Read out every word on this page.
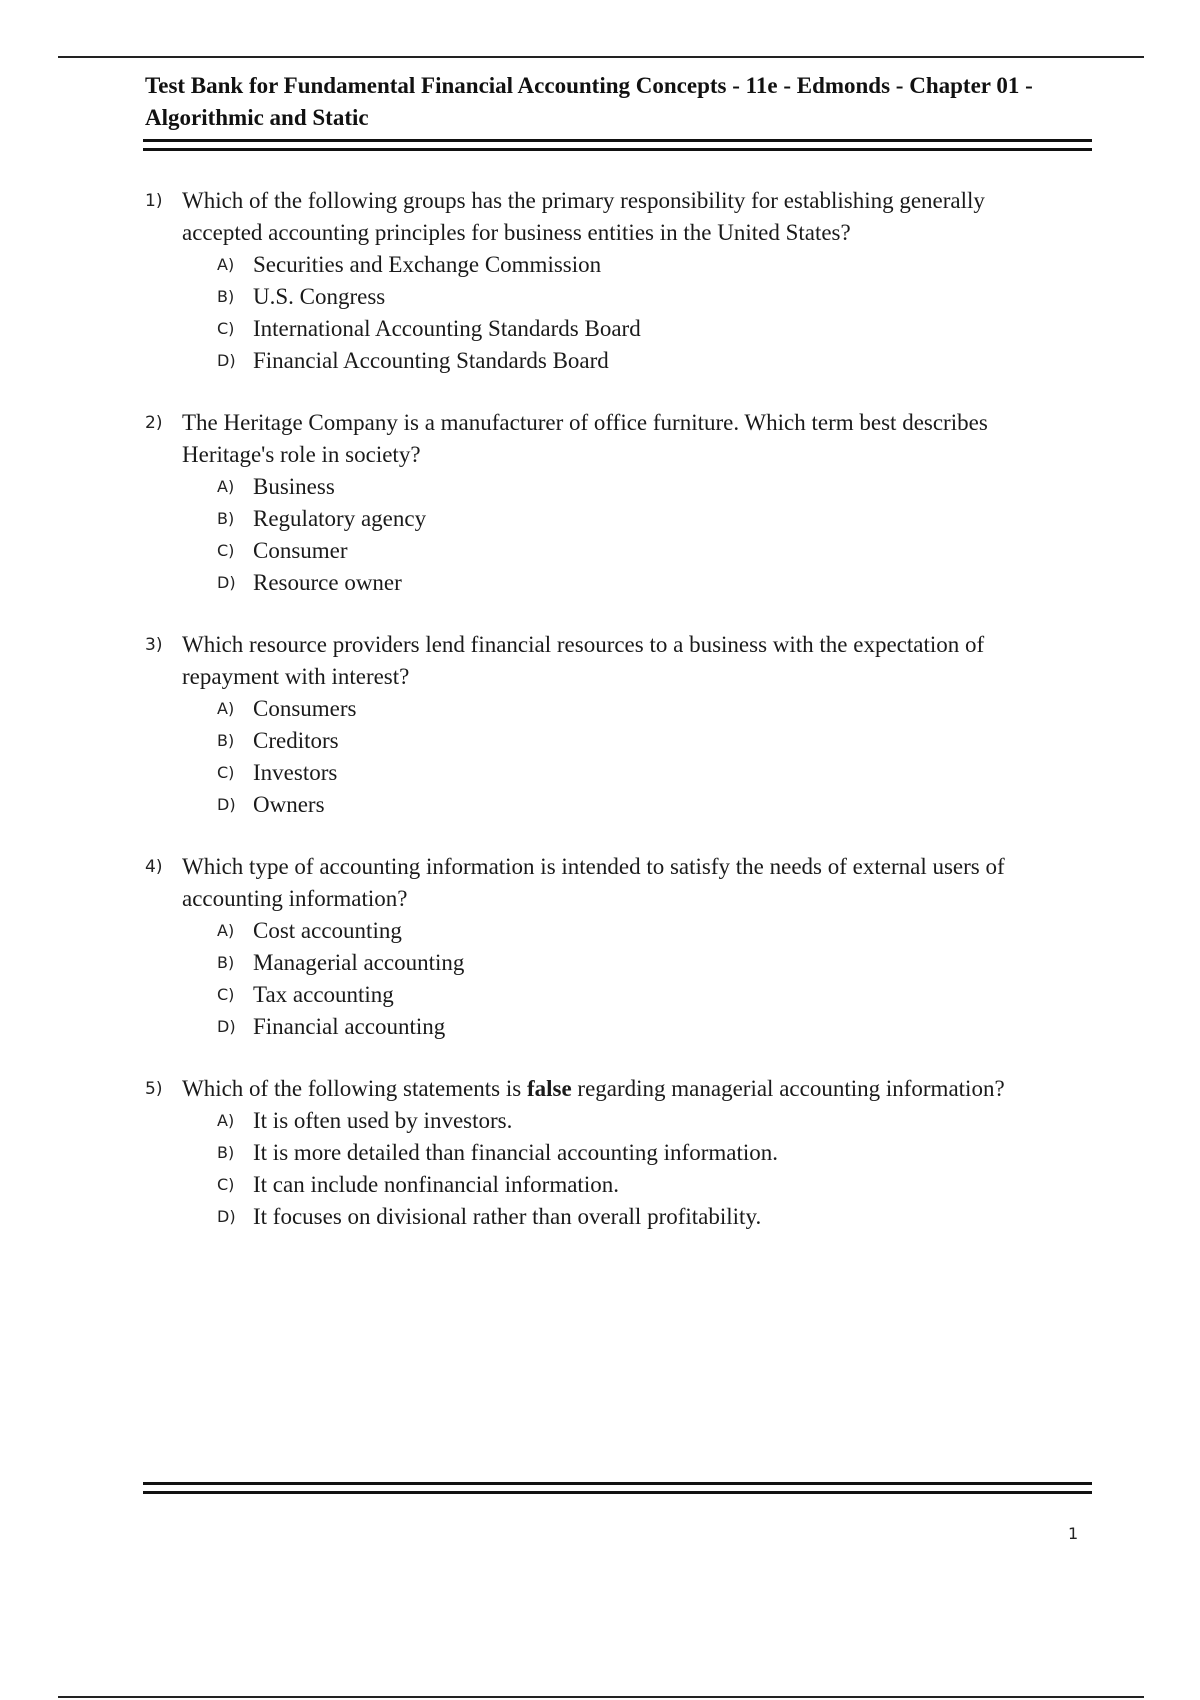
Test Bank for Fundamental Financial Accounting Concepts - 11e - Edmonds - Chapter 01 - Algorithmic and Static
1) Which of the following groups has the primary responsibility for establishing generally accepted accounting principles for business entities in the United States?
A) Securities and Exchange Commission
B) U.S. Congress
C) International Accounting Standards Board
D) Financial Accounting Standards Board
2) The Heritage Company is a manufacturer of office furniture. Which term best describes Heritage's role in society?
A) Business
B) Regulatory agency
C) Consumer
D) Resource owner
3) Which resource providers lend financial resources to a business with the expectation of repayment with interest?
A) Consumers
B) Creditors
C) Investors
D) Owners
4) Which type of accounting information is intended to satisfy the needs of external users of accounting information?
A) Cost accounting
B) Managerial accounting
C) Tax accounting
D) Financial accounting
5) Which of the following statements is false regarding managerial accounting information?
A) It is often used by investors.
B) It is more detailed than financial accounting information.
C) It can include nonfinancial information.
D) It focuses on divisional rather than overall profitability.
1
